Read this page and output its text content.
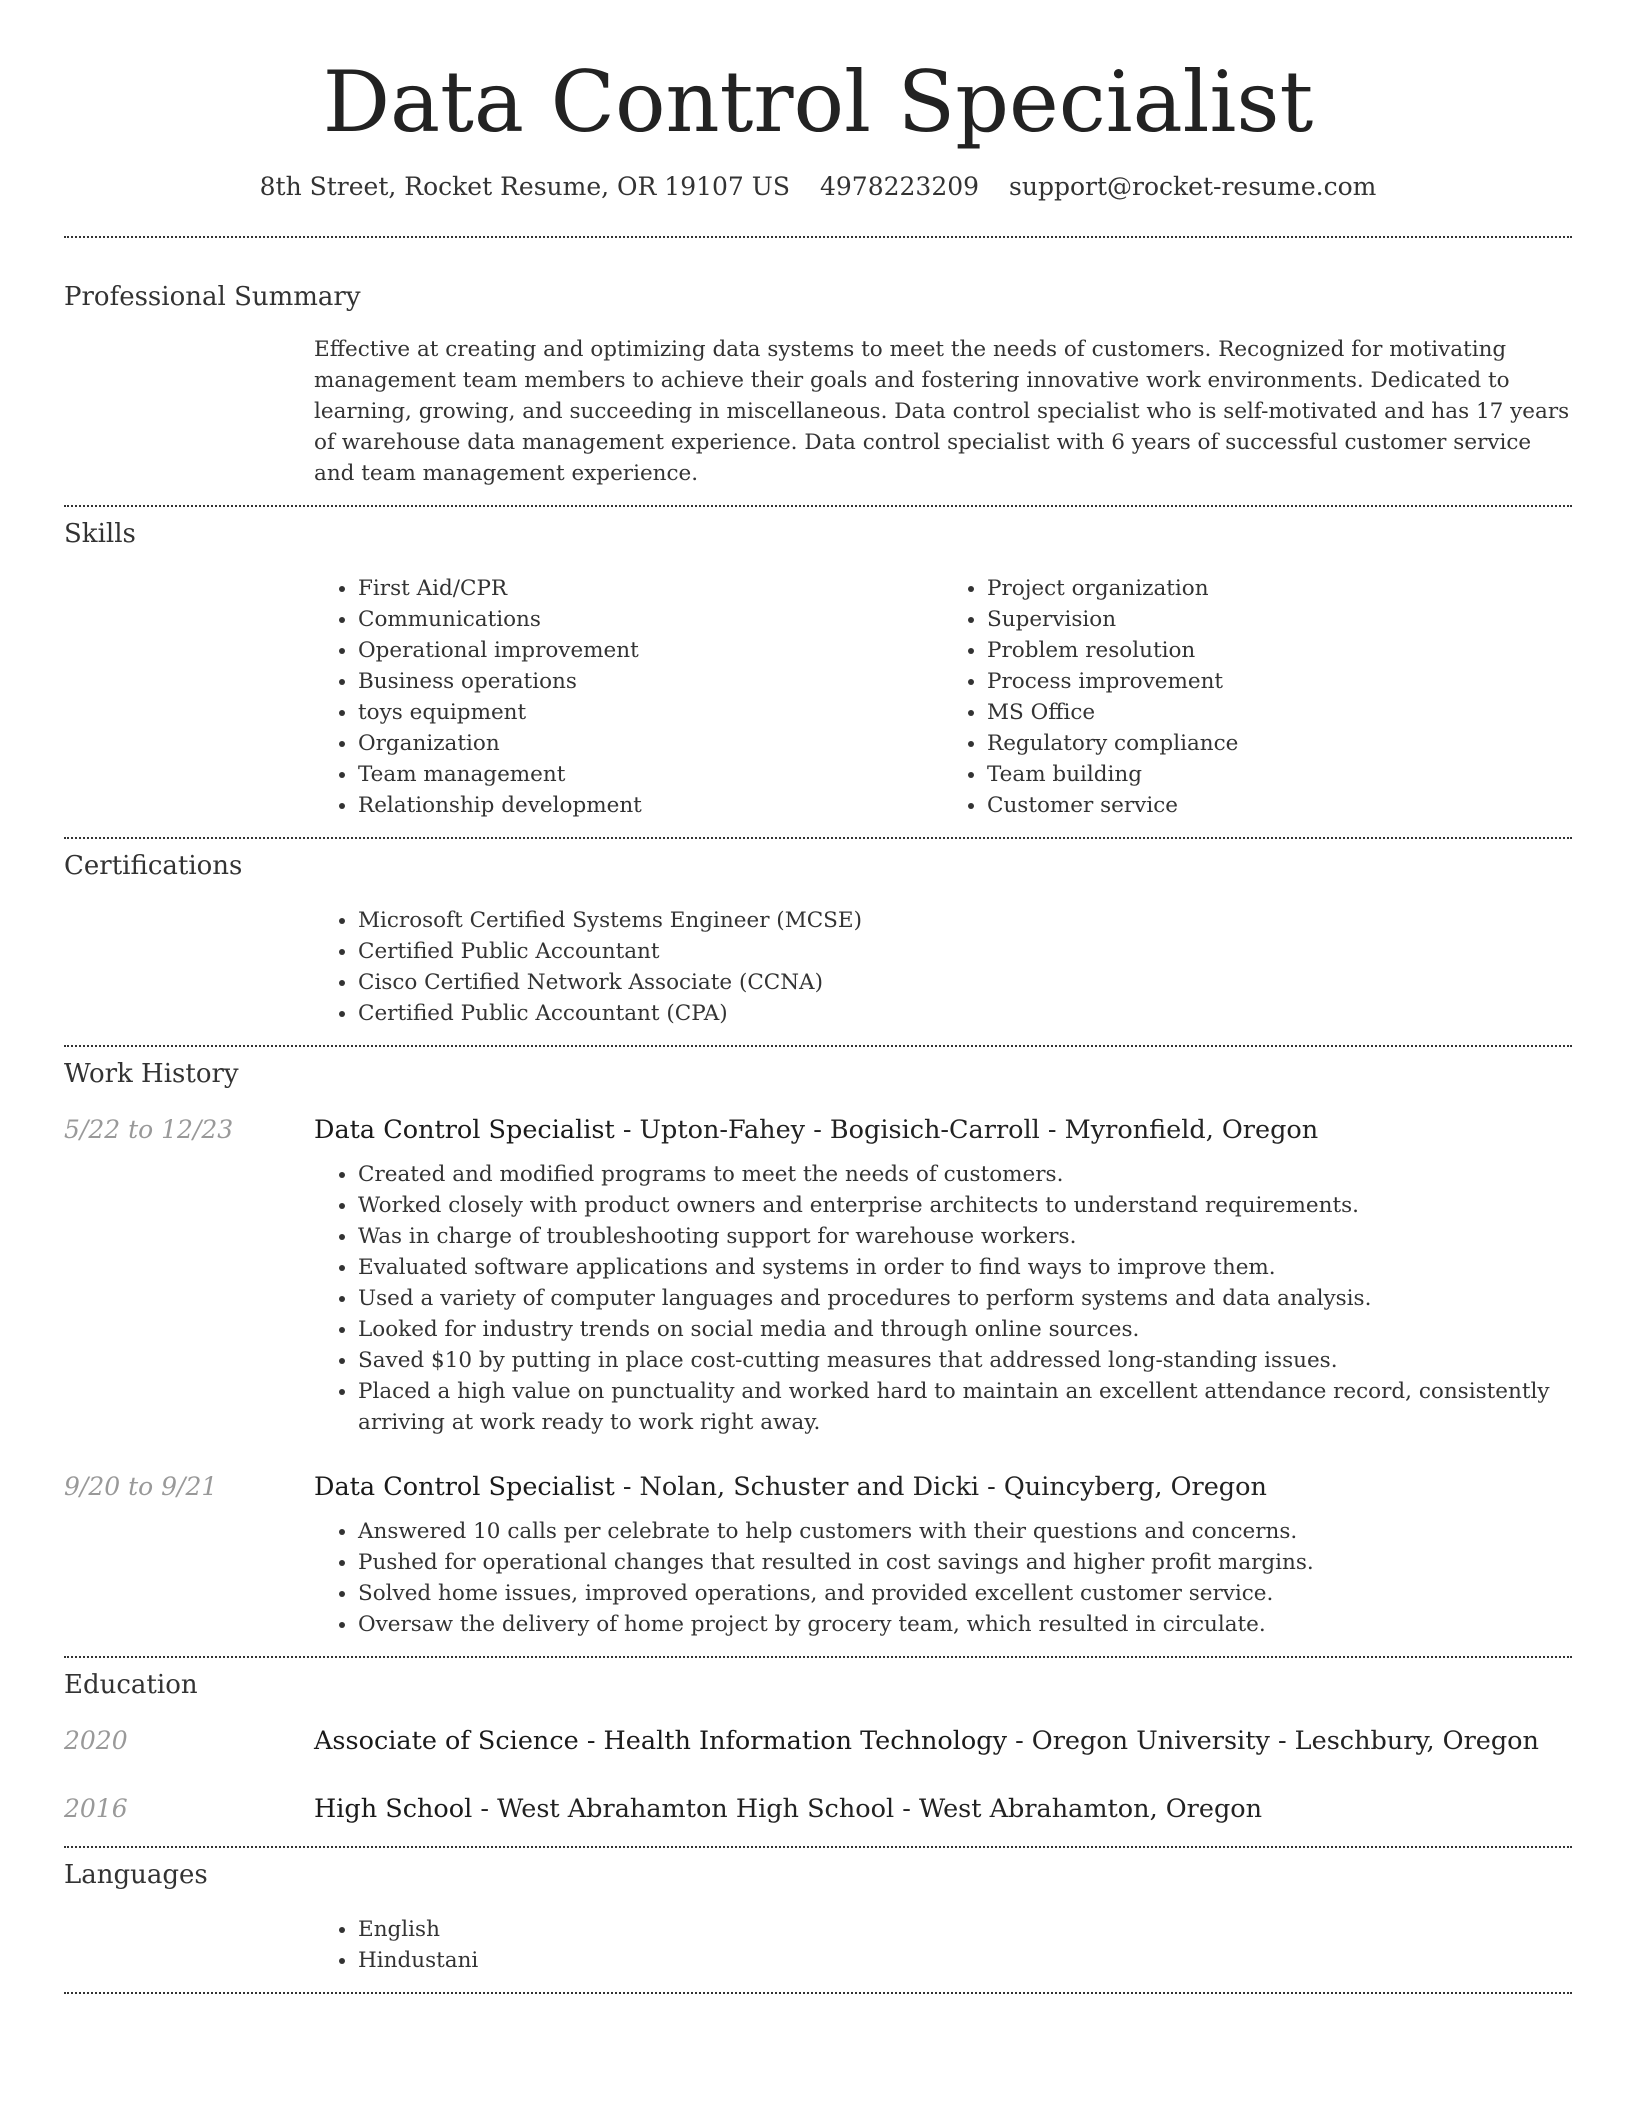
Data Control Specialist
8th Street, Rocket Resume, OR 19107 US 4978223209 support@rocket-resume.com
Professional Summary
Effective at creating and optimizing data systems to meet the needs of customers. Recognized for motivating management team members to achieve their goals and fostering innovative work environments. Dedicated to learning, growing, and succeeding in miscellaneous. Data control specialist who is self-motivated and has 17 years of warehouse data management experience. Data control specialist with 6 years of successful customer service and team management experience.
Skills
• First Aid/CPR
• Communications
• Operational improvement
• Business operations
• toys equipment
• Organization
• Team management
• Relationship development
• Project organization
• Supervision
• Problem resolution
• Process improvement
• MS Office
• Regulatory compliance
• Team building
• Customer service
Certifications
• Microsoft Certified Systems Engineer (MCSE)
• Certified Public Accountant
• Cisco Certified Network Associate (CCNA)
• Certified Public Accountant (CPA)
Work History
5/22 to 12/23	Data Control Specialist - Upton-Fahey - Bogisich-Carroll - Myronfield, Oregon
• Created and modified programs to meet the needs of customers.
• Worked closely with product owners and enterprise architects to understand requirements.
• Was in charge of troubleshooting support for warehouse workers.
• Evaluated software applications and systems in order to find ways to improve them.
• Used a variety of computer languages and procedures to perform systems and data analysis.
• Looked for industry trends on social media and through online sources.
• Saved $10 by putting in place cost-cutting measures that addressed long-standing issues.
• Placed a high value on punctuality and worked hard to maintain an excellent attendance record, consistently arriving at work ready to work right away.
9/20 to 9/21	Data Control Specialist - Nolan, Schuster and Dicki - Quincyberg, Oregon
• Answered 10 calls per celebrate to help customers with their questions and concerns.
• Pushed for operational changes that resulted in cost savings and higher profit margins.
• Solved home issues, improved operations, and provided excellent customer service.
• Oversaw the delivery of home project by grocery team, which resulted in circulate.
Education
2020	Associate of Science - Health Information Technology - Oregon University - Leschbury, Oregon
2016	High School - West Abrahamton High School - West Abrahamton, Oregon
Languages
• English
• Hindustani
